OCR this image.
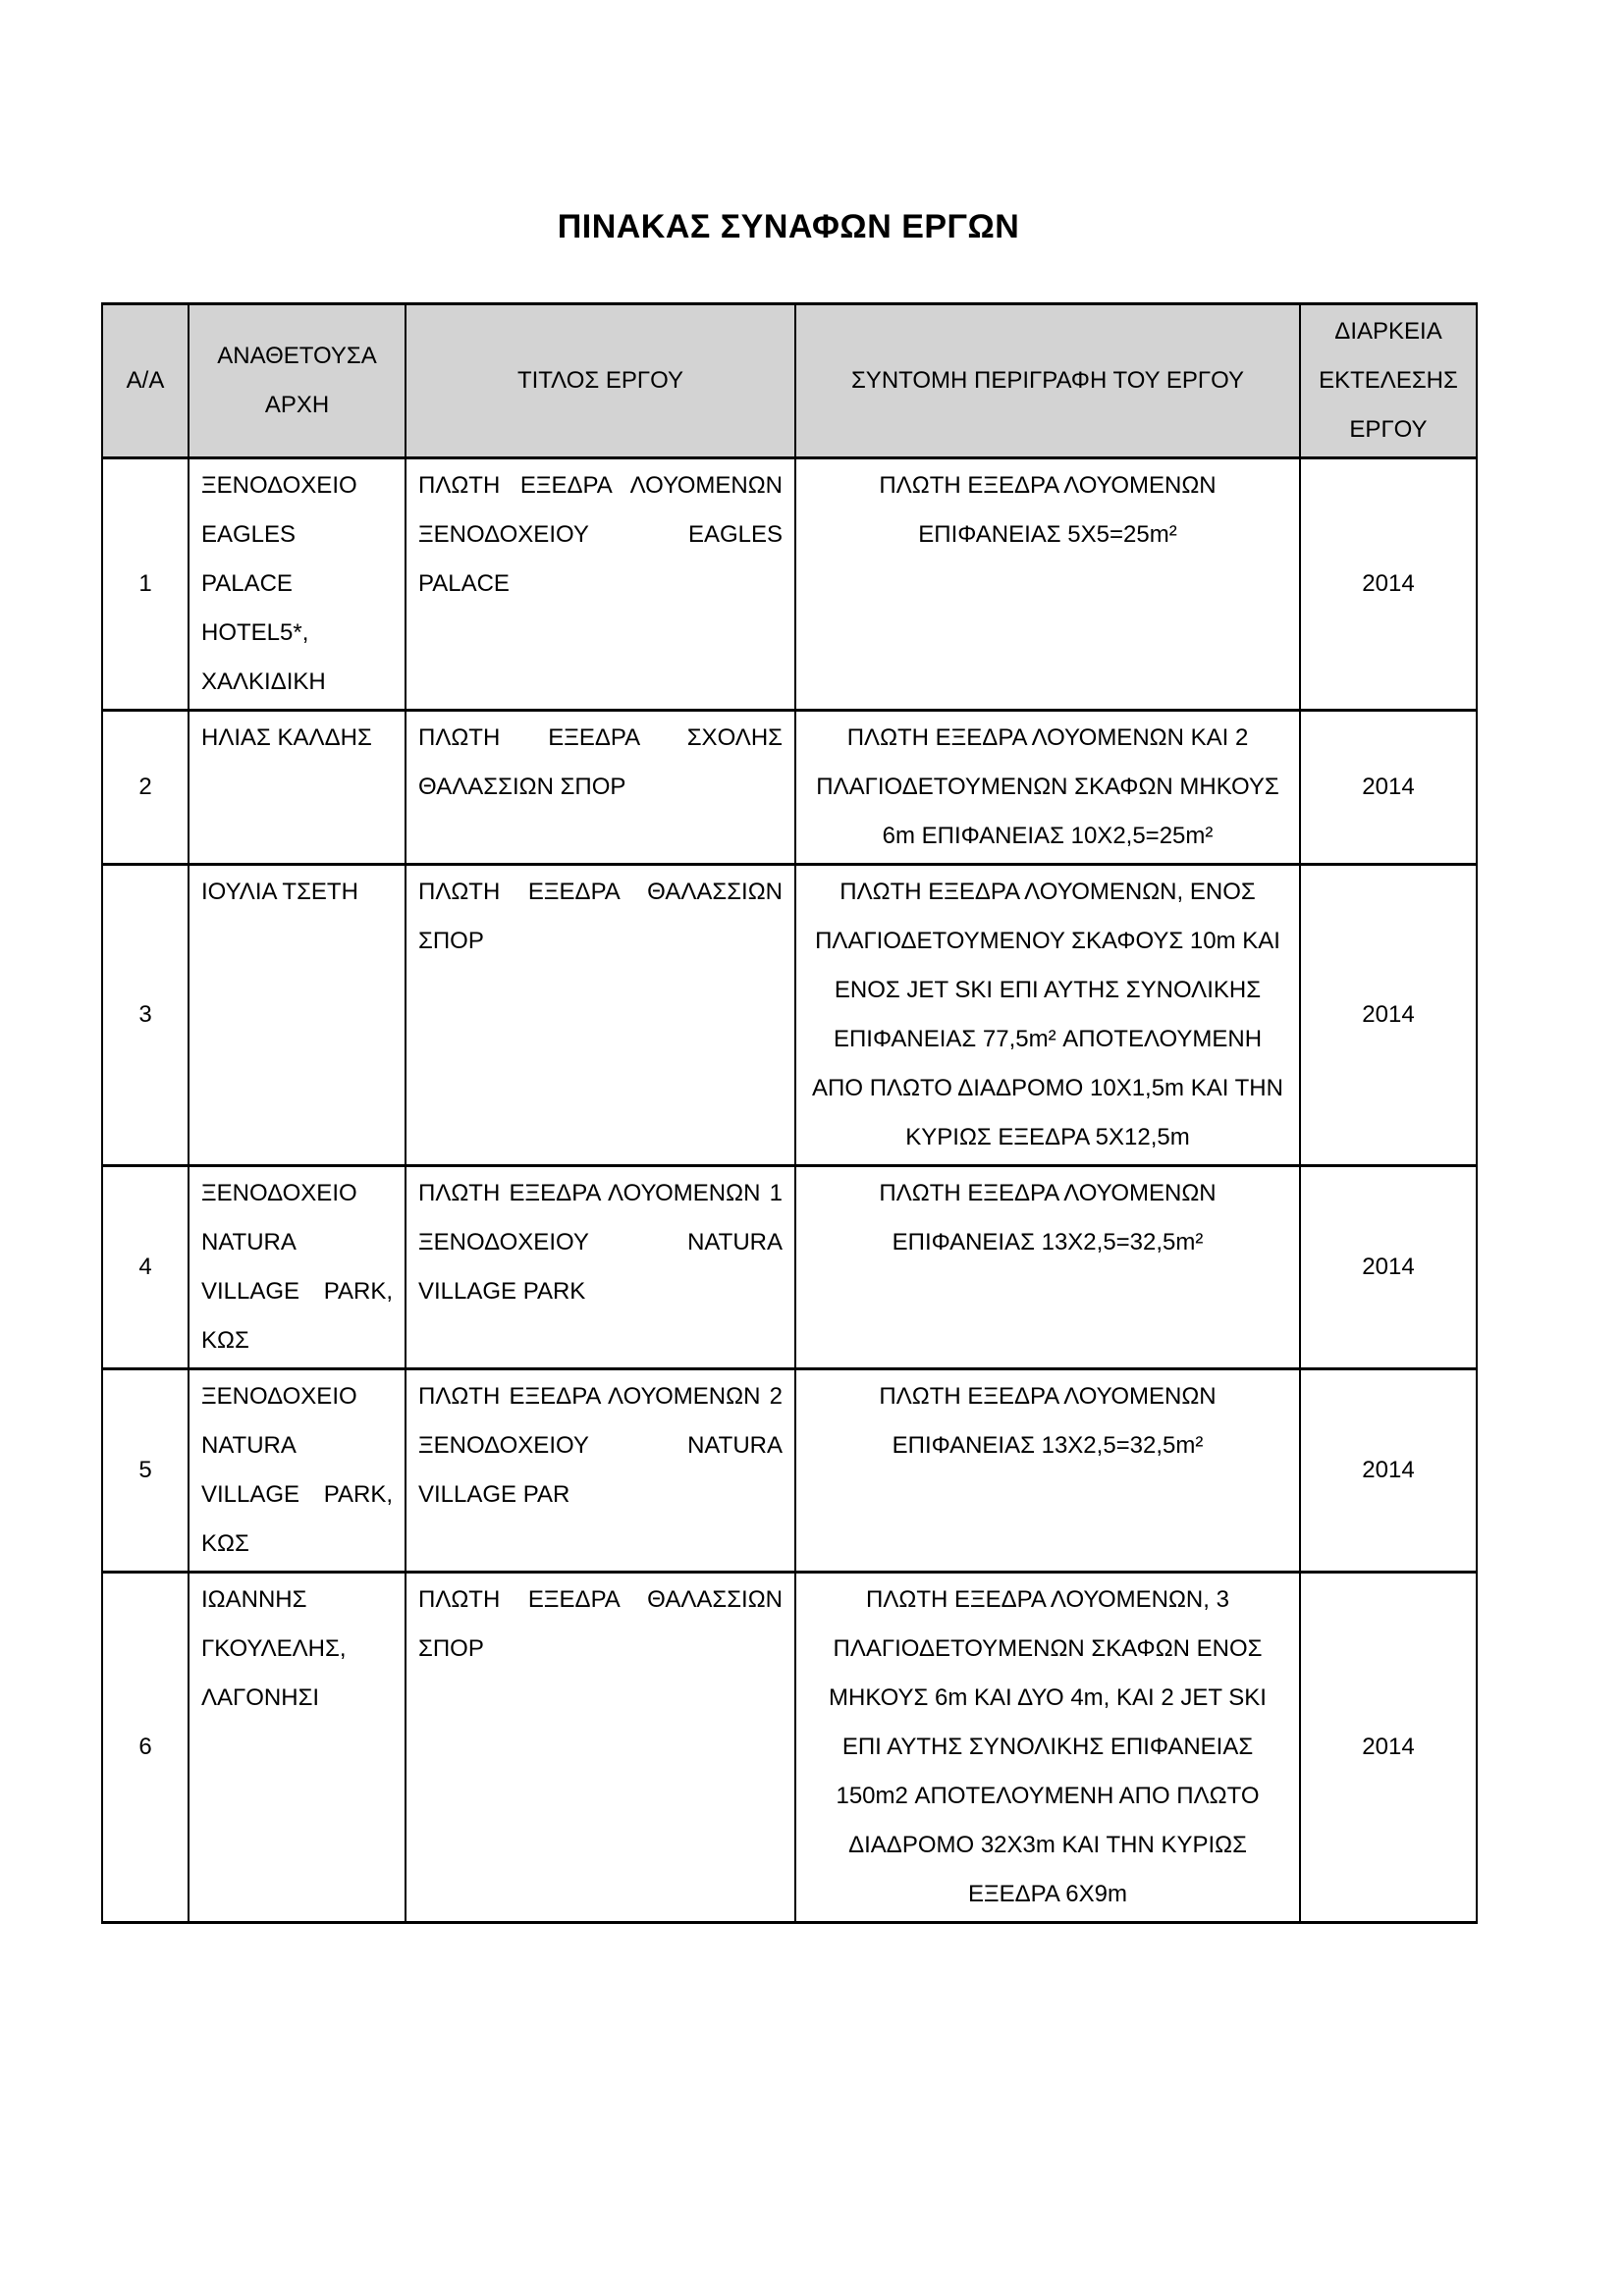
ΠΙΝΑΚΑΣ ΣΥΝΑΦΩΝ ΕΡΓΩΝ
Α/Α	ΑΝΑΘΕΤΟΥΣΑ ΑΡΧΗ	ΤΙΤΛΟΣ ΕΡΓΟΥ	ΣΥΝΤΟΜΗ ΠΕΡΙΓΡΑΦΗ ΤΟΥ ΕΡΓΟΥ	ΔΙΑΡΚΕΙΑ ΕΚΤΕΛΕΣΗΣ ΕΡΓΟΥ
1	ΞΕΝΟΔΟΧΕΙΟ EAGLES PALACE HOTEL5*, ΧΑΛΚΙΔΙΚΗ	ΠΛΩΤΗ ΕΞΕΔΡΑ ΛΟΥΟΜΕΝΩΝ ΞΕΝΟΔΟΧΕΙΟΥ EAGLES PALACE	ΠΛΩΤΗ ΕΞΕΔΡΑ ΛΟΥΟΜΕΝΩΝ ΕΠΙΦΑΝΕΙΑΣ 5Χ5=25m²	2014
2	ΗΛΙΑΣ ΚΑΛΔΗΣ	ΠΛΩΤΗ ΕΞΕΔΡΑ ΣΧΟΛΗΣ ΘΑΛΑΣΣΙΩΝ ΣΠΟΡ	ΠΛΩΤΗ ΕΞΕΔΡΑ ΛΟΥΟΜΕΝΩΝ ΚΑΙ 2 ΠΛΑΓΙΟΔΕΤΟΥΜΕΝΩΝ ΣΚΑΦΩΝ ΜΗΚΟΥΣ 6m ΕΠΙΦΑΝΕΙΑΣ 10Χ2,5=25m²	2014
3	ΙΟΥΛΙΑ ΤΣΕΤΗ	ΠΛΩΤΗ ΕΞΕΔΡΑ ΘΑΛΑΣΣΙΩΝ ΣΠΟΡ	ΠΛΩΤΗ ΕΞΕΔΡΑ ΛΟΥΟΜΕΝΩΝ, ΕΝΟΣ ΠΛΑΓΙΟΔΕΤΟΥΜΕΝΟΥ ΣΚΑΦΟΥΣ 10m ΚΑΙ ΕΝΟΣ JET SKI ΕΠΙ ΑΥΤΗΣ ΣΥΝΟΛΙΚΗΣ ΕΠΙΦΑΝΕΙΑΣ 77,5m² ΑΠΟΤΕΛΟΥΜΕΝΗ ΑΠΟ ΠΛΩΤΟ ΔΙΑΔΡΟΜΟ 10Χ1,5m ΚΑΙ ΤΗΝ ΚΥΡΙΩΣ ΕΞΕΔΡΑ 5Χ12,5m	2014
4	ΞΕΝΟΔΟΧΕΙΟ NATURA VILLAGE PARK, ΚΩΣ	ΠΛΩΤΗ ΕΞΕΔΡΑ ΛΟΥΟΜΕΝΩΝ 1 ΞΕΝΟΔΟΧΕΙΟΥ NATURA VILLAGE PARK	ΠΛΩΤΗ ΕΞΕΔΡΑ ΛΟΥΟΜΕΝΩΝ ΕΠΙΦΑΝΕΙΑΣ 13Χ2,5=32,5m²	2014
5	ΞΕΝΟΔΟΧΕΙΟ NATURA VILLAGE PARK, ΚΩΣ	ΠΛΩΤΗ ΕΞΕΔΡΑ ΛΟΥΟΜΕΝΩΝ 2 ΞΕΝΟΔΟΧΕΙΟΥ NATURA VILLAGE PAR	ΠΛΩΤΗ ΕΞΕΔΡΑ ΛΟΥΟΜΕΝΩΝ ΕΠΙΦΑΝΕΙΑΣ 13Χ2,5=32,5m²	2014
6	ΙΩΑΝΝΗΣ ΓΚΟΥΛΕΛΗΣ, ΛΑΓΟΝΗΣΙ	ΠΛΩΤΗ ΕΞΕΔΡΑ ΘΑΛΑΣΣΙΩΝ ΣΠΟΡ	ΠΛΩΤΗ ΕΞΕΔΡΑ ΛΟΥΟΜΕΝΩΝ, 3 ΠΛΑΓΙΟΔΕΤΟΥΜΕΝΩΝ ΣΚΑΦΩΝ ΕΝΟΣ ΜΗΚΟΥΣ 6m ΚΑΙ ΔΥΟ 4m, ΚΑΙ 2 JET SKI ΕΠΙ ΑΥΤΗΣ ΣΥΝΟΛΙΚΗΣ ΕΠΙΦΑΝΕΙΑΣ 150m2 ΑΠΟΤΕΛΟΥΜΕΝΗ ΑΠΟ ΠΛΩΤΟ ΔΙΑΔΡΟΜΟ 32Χ3m ΚΑΙ ΤΗΝ ΚΥΡΙΩΣ ΕΞΕΔΡΑ 6Χ9m	2014
